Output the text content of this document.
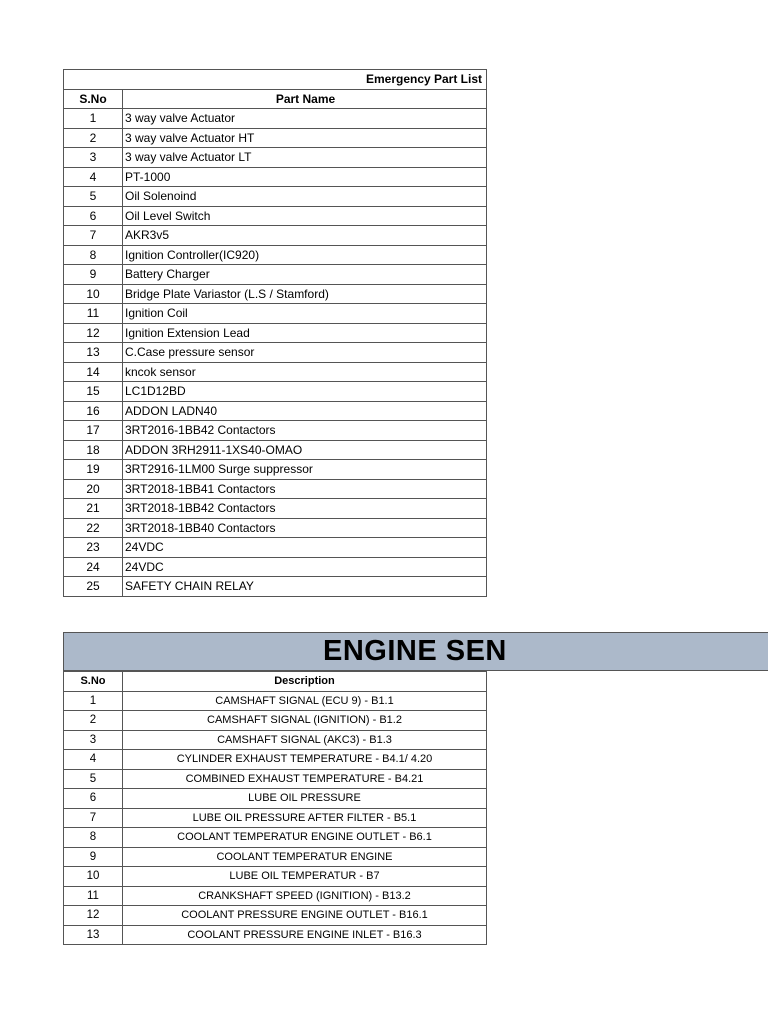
Emergency Part List	
S.No	Part Name
1	3 way valve Actuator
2	3 way valve Actuator HT
3	3 way valve Actuator LT
4	PT-1000
5	Oil Solenoind
6	Oil Level Switch
7	AKR3v5
8	Ignition Controller(IC920)
9	Battery Charger
10	Bridge Plate Variastor (L.S / Stamford)
11	Ignition Coil
12	Ignition Extension Lead
13	C.Case pressure sensor
14	kncok sensor
15	LC1D12BD
16	ADDON LADN40
17	3RT2016-1BB42 Contactors
18	ADDON 3RH2911-1XS40-OMAO
19	3RT2916-1LM00 Surge suppressor
20	3RT2018-1BB41 Contactors
21	3RT2018-1BB42 Contactors
22	3RT2018-1BB40 Contactors
23	24VDC
24	24VDC
25	SAFETY CHAIN RELAY
ENGINE SEN
S.No	Description
1	CAMSHAFT SIGNAL (ECU 9) - B1.1
2	CAMSHAFT SIGNAL (IGNITION) - B1.2
3	CAMSHAFT SIGNAL (AKC3) - B1.3
4	CYLINDER EXHAUST TEMPERATURE - B4.1/ 4.20
5	COMBINED EXHAUST TEMPERATURE - B4.21
6	LUBE OIL PRESSURE
7	LUBE OIL PRESSURE AFTER FILTER - B5.1
8	COOLANT TEMPERATUR ENGINE OUTLET - B6.1
9	COOLANT TEMPERATUR ENGINE
10	LUBE OIL TEMPERATUR - B7
11	CRANKSHAFT SPEED (IGNITION) - B13.2
12	COOLANT PRESSURE ENGINE OUTLET - B16.1
13	COOLANT PRESSURE ENGINE INLET - B16.3
